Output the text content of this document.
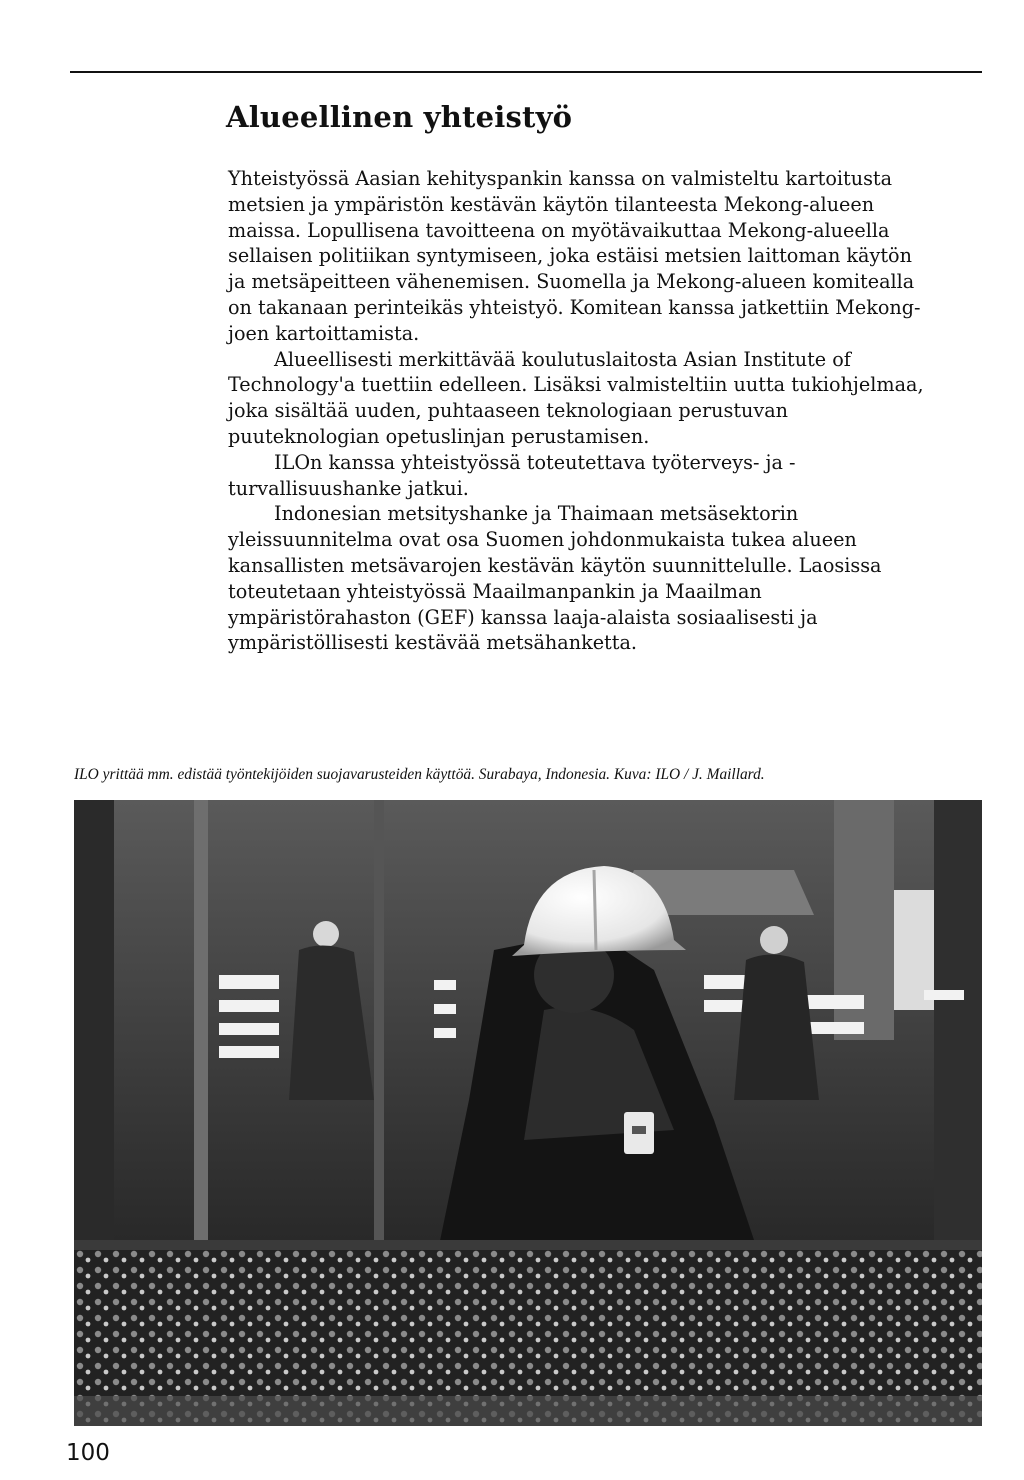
Alueellinen yhteistyö

Yhteistyössä Aasian kehityspankin kanssa on valmisteltu kartoitusta metsien ja ympäristön kestävän käytön tilanteesta Mekong-alueen maissa. Lopullisena tavoitteena on myötävaikuttaa Mekong-alueella sellaisen politiikan syntymiseen, joka estäisi metsien laittoman käytön ja metsäpeitteen vähenemisen. Suomella ja Mekong-alueen komitealla on takanaan perinteikäs yhteistyö. Komitean kanssa jatkettiin Mekong-joen kartoittamista.

Alueellisesti merkittävää koulutuslaitosta Asian Institute of Technology'a tuettiin edelleen. Lisäksi valmisteltiin uutta tukiohjelmaa, joka sisältää uuden, puhtaaseen teknologiaan perustuvan puuteknologian opetuslinjan perustamisen.

ILOn kanssa yhteistyössä toteutettava työterveys- ja -turvallisuushanke jatkui.

Indonesian metsityshanke ja Thaimaan metsäsektorin yleissuunnitelma ovat osa Suomen johdonmukaista tukea alueen kansallisten metsävarojen kestävän käytön suunnittelulle. Laosissa toteutetaan yhteistyössä Maailmanpankin ja Maailman ympäristörahaston (GEF) kanssa laaja-alaista sosiaalisesti ja ympäristöllisesti kestävää metsähanketta.

ILO yrittää mm. edistää työntekijöiden suojavarusteiden käyttöä. Surabaya, Indonesia. Kuva: ILO / J. Maillard.
100
